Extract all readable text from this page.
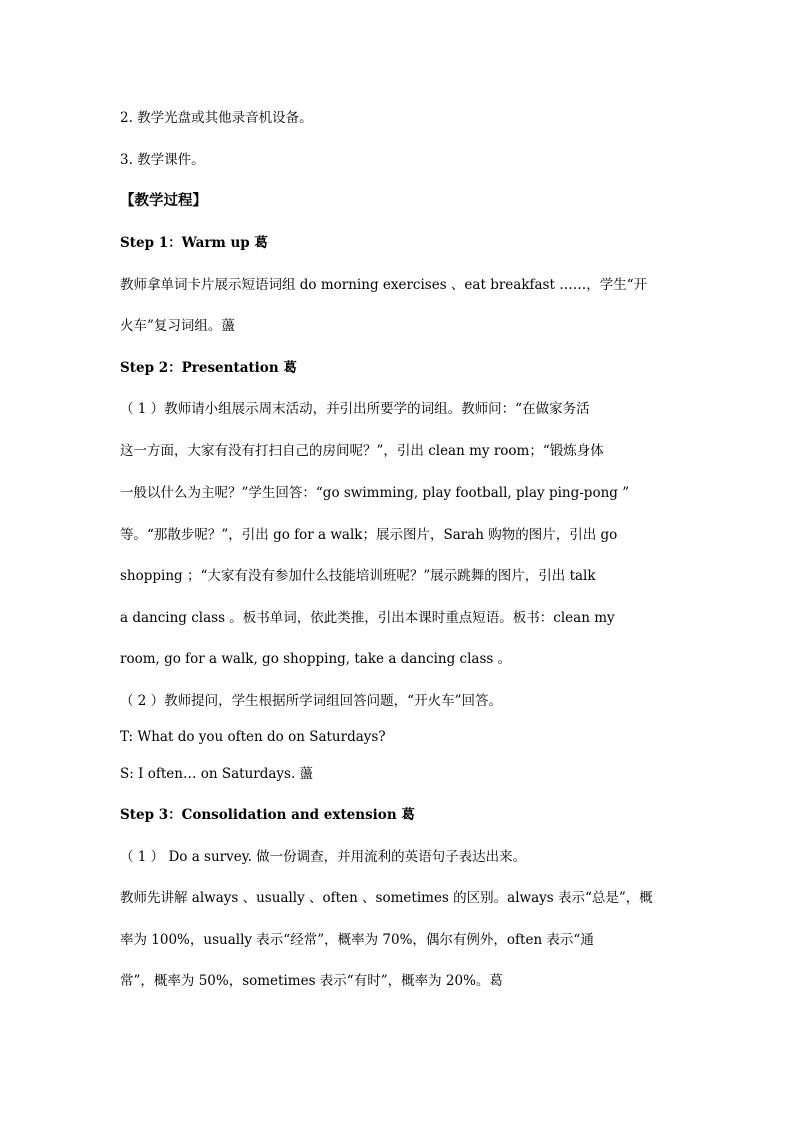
2. 教学光盘或其他录音机设备。
3. 教学课件。
【教学过程】
Step 1：Warm up 葛
教师拿单词卡片展示短语词组 do morning exercises 、eat breakfast ……，学生“开
火车”复习词组。蘯
Step 2：Presentation 葛
（ 1 ）教师请小组展示周末活动，并引出所要学的词组。教师问：“在做家务活
这一方面，大家有没有打扫自己的房间呢？”，引出 clean my room；“锻炼身体
一般以什么为主呢？”学生回答：“go swimming, play football, play ping-pong ”
等。“那散步呢？”，引出 go for a walk；展示图片，Sarah 购物的图片，引出 go
shopping ；“大家有没有参加什么技能培训班呢？”展示跳舞的图片，引出 talk
a dancing class 。板书单词，依此类推，引出本课时重点短语。板书：clean my
room, go for a walk, go shopping, take a dancing class 。
（ 2 ）教师提问，学生根据所学词组回答问题，“开火车”回答。
T: What do you often do on Saturdays?
S: I often… on Saturdays. 蘯
Step 3：Consolidation and extension 葛
（ 1 ） Do a survey. 做一份调查，并用流利的英语句子表达出来。
教师先讲解 always 、usually 、often 、sometimes 的区别。always 表示“总是”，概
率为 100%，usually 表示“经常”，概率为 70%，偶尔有例外，often 表示“通
常”，概率为 50%，sometimes 表示“有时”，概率为 20%。葛
